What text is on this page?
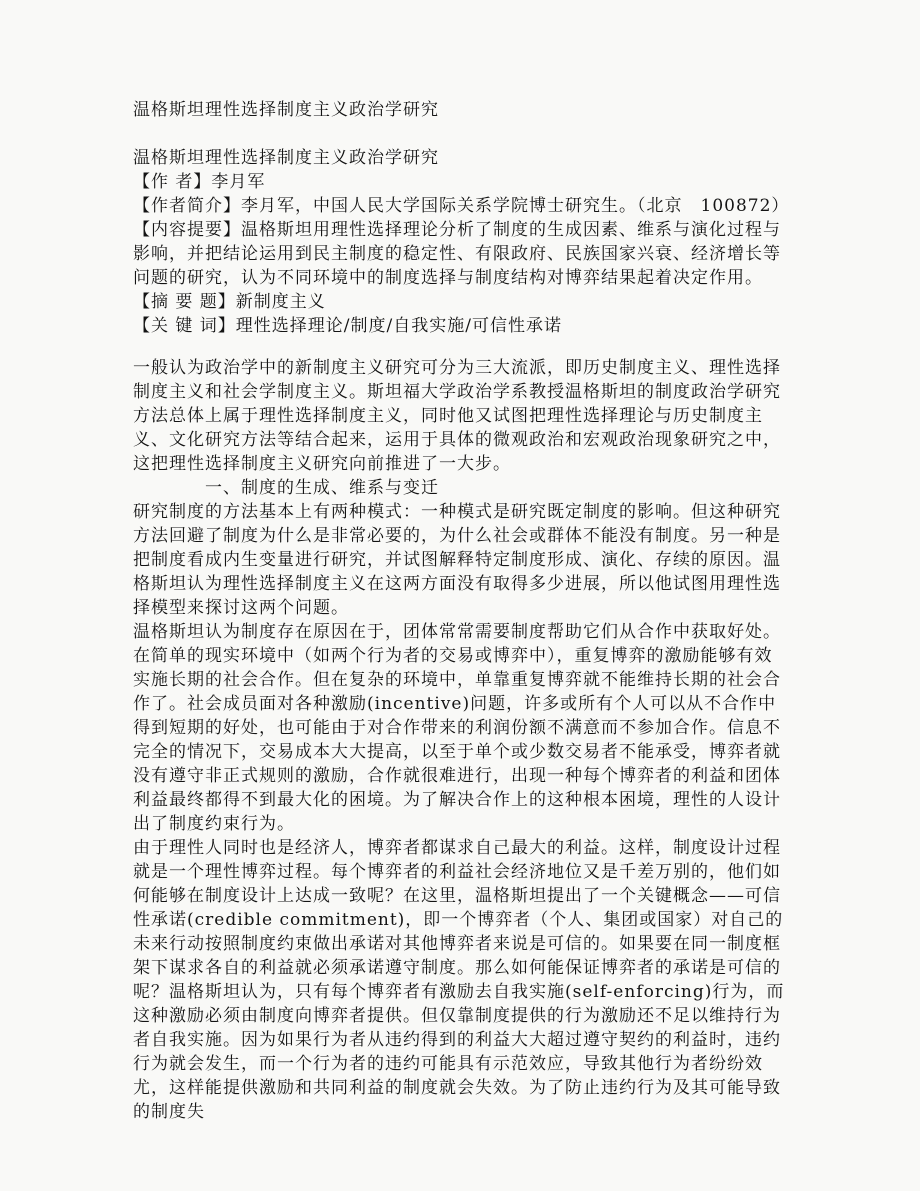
温格斯坦理性选择制度主义政治学研究
温格斯坦理性选择制度主义政治学研究
【作 者】李月军
【作者简介】李月军，中国人民大学国际关系学院博士研究生。（北京　100872）
【内容提要】温格斯坦用理性选择理论分析了制度的生成因素、维系与演化过程与影响，并把结论运用到民主制度的稳定性、有限政府、民族国家兴衰、经济增长等问题的研究，认为不同环境中的制度选择与制度结构对博弈结果起着决定作用。
【摘 要 题】新制度主义
【关 键 词】理性选择理论/制度/自我实施/可信性承诺

一般认为政治学中的新制度主义研究可分为三大流派，即历史制度主义、理性选择制度主义和社会学制度主义。斯坦福大学政治学系教授温格斯坦的制度政治学研究方法总体上属于理性选择制度主义，同时他又试图把理性选择理论与历史制度主义、文化研究方法等结合起来，运用于具体的微观政治和宏观政治现象研究之中，这把理性选择制度主义研究向前推进了一大步。

一、制度的生成、维系与变迁

研究制度的方法基本上有两种模式：一种模式是研究既定制度的影响。但这种研究方法回避了制度为什么是非常必要的，为什么社会或群体不能没有制度。另一种是把制度看成内生变量进行研究，并试图解释特定制度形成、演化、存续的原因。温格斯坦认为理性选择制度主义在这两方面没有取得多少进展，所以他试图用理性选择模型来探讨这两个问题。

温格斯坦认为制度存在原因在于，团体常常需要制度帮助它们从合作中获取好处。在简单的现实环境中（如两个行为者的交易或博弈中），重复博弈的激励能够有效实施长期的社会合作。但在复杂的环境中，单靠重复博弈就不能维持长期的社会合作了。社会成员面对各种激励(incentive)问题，许多或所有个人可以从不合作中得到短期的好处，也可能由于对合作带来的利润份额不满意而不参加合作。信息不完全的情况下，交易成本大大提高，以至于单个或少数交易者不能承受，博弈者就没有遵守非正式规则的激励，合作就很难进行，出现一种每个博弈者的利益和团体利益最终都得不到最大化的困境。为了解决合作上的这种根本困境，理性的人设计出了制度约束行为。

由于理性人同时也是经济人，博弈者都谋求自己最大的利益。这样，制度设计过程就是一个理性博弈过程。每个博弈者的利益社会经济地位又是千差万别的，他们如何能够在制度设计上达成一致呢？在这里，温格斯坦提出了一个关键概念——可信性承诺(credible commitment)，即一个博弈者（个人、集团或国家）对自己的未来行动按照制度约束做出承诺对其他博弈者来说是可信的。如果要在同一制度框架下谋求各自的利益就必须承诺遵守制度。那么如何能保证博弈者的承诺是可信的呢？温格斯坦认为，只有每个博弈者有激励去自我实施(self-enforcing)行为，而这种激励必须由制度向博弈者提供。但仅靠制度提供的行为激励还不足以维持行为者自我实施。因为如果行为者从违约得到的利益大大超过遵守契约的利益时，违约行为就会发生，而一个行为者的违约可能具有示范效应，导致其他行为者纷纷效尤，这样能提供激励和共同利益的制度就会失效。为了防止违约行为及其可能导致的制度失
